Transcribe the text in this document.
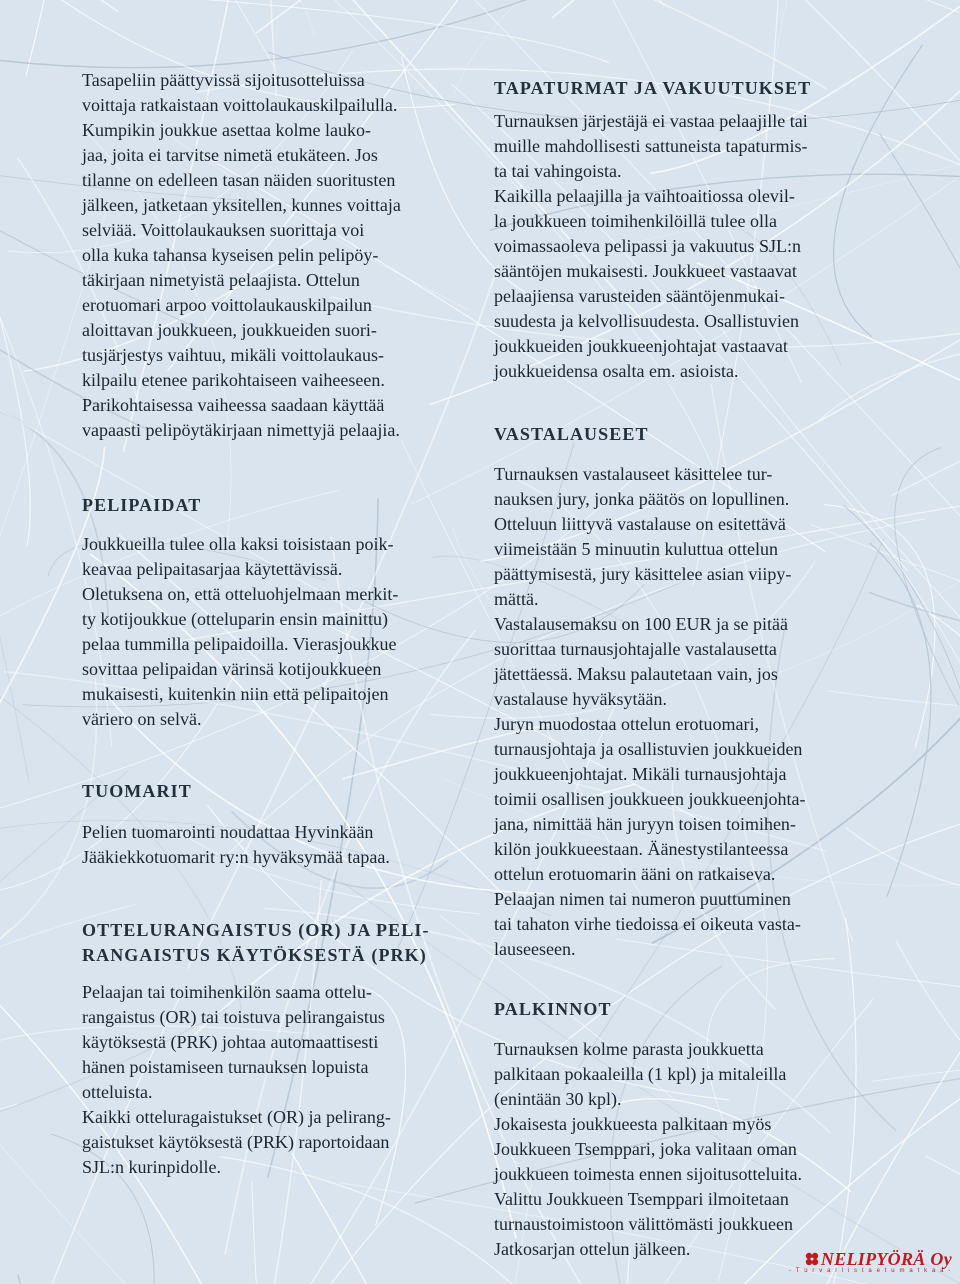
Tasapeliin päättyvissä sijoitusotteluissa
voittaja ratkaistaan voittolaukauskilpailulla.
Kumpikin joukkue asettaa kolme lauko-
jaa, joita ei tarvitse nimetä etukäteen. Jos
tilanne on edelleen tasan näiden suoritusten
jälkeen, jatketaan yksitellen, kunnes voittaja
selviää. Voittolaukauksen suorittaja voi
olla kuka tahansa kyseisen pelin pelipöy-
täkirjaan nimetyistä pelaajista. Ottelun
erotuomari arpoo voittolaukauskilpailun
aloittavan joukkueen, joukkueiden suori-
tusjärjestys vaihtuu, mikäli voittolaukaus-
kilpailu etenee parikohtaiseen vaiheeseen.
Parikohtaisessa vaiheessa saadaan käyttää
vapaasti pelipöytäkirjaan nimettyjä pelaajia.

PELIPAIDAT

Joukkueilla tulee olla kaksi toisistaan poik-
keavaa pelipaitasarjaa käytettävissä.
Oletuksena on, että otteluohjelmaan merkit-
ty kotijoukkue (otteluparin ensin mainittu)
pelaa tummilla pelipaidoilla. Vierasjoukkue
sovittaa pelipaidan värinsä kotijoukkueen
mukaisesti, kuitenkin niin että pelipaitojen
väriero on selvä.

TUOMARIT

Pelien tuomarointi noudattaa Hyvinkään
Jääkiekkotuomarit ry:n hyväksymää tapaa.

OTTELURANGAISTUS (OR) JA PELI-
RANGAISTUS KÄYTÖKSESTÄ (PRK)

Pelaajan tai toimihenkilön saama ottelu-
rangaistus (OR) tai toistuva pelirangaistus
käytöksestä (PRK) johtaa automaattisesti
hänen poistamiseen turnauksen lopuista
otteluista.
Kaikki otteluragaistukset (OR) ja pelirang-
gaistukset käytöksestä (PRK) raportoidaan
SJL:n kurinpidolle.

TAPATURMAT JA VAKUUTUKSET

Turnauksen järjestäjä ei vastaa pelaajille tai
muille mahdollisesti sattuneista tapaturmis-
ta tai vahingoista.
Kaikilla pelaajilla ja vaihtoaitiossa olevil-
la joukkueen toimihenkilöillä tulee olla
voimassaoleva pelipassi ja vakuutus SJL:n
sääntöjen mukaisesti. Joukkueet vastaavat
pelaajiensa varusteiden sääntöjenmukai-
suudesta ja kelvollisuudesta. Osallistuvien
joukkueiden joukkueenjohtajat vastaavat
joukkueidensa osalta em. asioista.

VASTALAUSEET

Turnauksen vastalauseet käsittelee tur-
nauksen jury, jonka päätös on lopullinen.
Otteluun liittyvä vastalause on esitettävä
viimeistään 5 minuutin kuluttua ottelun
päättymisestä, jury käsittelee asian viipy-
mättä.
Vastalausemaksu on 100 EUR ja se pitää
suorittaa turnausjohtajalle vastalausetta
jätettäessä. Maksu palautetaan vain, jos
vastalause hyväksytään.
Juryn muodostaa ottelun erotuomari,
turnausjohtaja ja osallistuvien joukkueiden
joukkueenjohtajat. Mikäli turnausjohtaja
toimii osallisen joukkueen joukkueenjohta-
jana, nimittää hän juryyn toisen toimihen-
kilön joukkueestaan. Äänestystilanteessa
ottelun erotuomarin ääni on ratkaiseva.
Pelaajan nimen tai numeron puuttuminen
tai tahaton virhe tiedoissa ei oikeuta vasta-
lauseeseen.

PALKINNOT

Turnauksen kolme parasta joukkuetta
palkitaan pokaaleilla (1 kpl) ja mitaleilla
(enintään 30 kpl).
Jokaisesta joukkueesta palkitaan myös
Joukkueen Tsemppari, joka valitaan oman
joukkueen toimesta ennen sijoitusotteluita.
Valittu Joukkueen Tsemppari ilmoitetaan
turnaustoimistoon välittömästi joukkueen
Jatkosarjan ottelun jälkeen.	NELIPYÖRÄ Oy
- T u r v a l l i s t a e t u m a t k a a -
